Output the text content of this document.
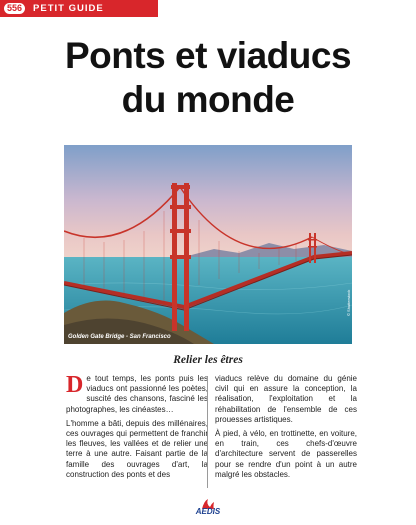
556	PETIT GUIDE
Ponts et viaducs
du monde
Golden Gate Bridge - San Francisco
© Shutterstock
Relier les êtres

De tout temps, les ponts puis les viaducs ont passionné les poètes, suscité des chansons, fasciné les photographes, les cinéastes…

L'homme a bâti, depuis des millénaires, ces ouvrages qui permettent de franchir les fleuves, les vallées et de relier une terre à une autre. Faisant partie de la famille des ouvrages d'art, la construction des ponts et des

viaducs relève du domaine du génie civil qui en assure la conception, la réalisation, l'exploitation et la réhabilitation de l'ensemble de ces prouesses artistiques.

À pied, à vélo, en trottinette, en voiture, en train, ces chefs-d'œuvre d'architecture servent de passerelles pour se rendre d'un point à un autre malgré les obstacles.

AEDIS
